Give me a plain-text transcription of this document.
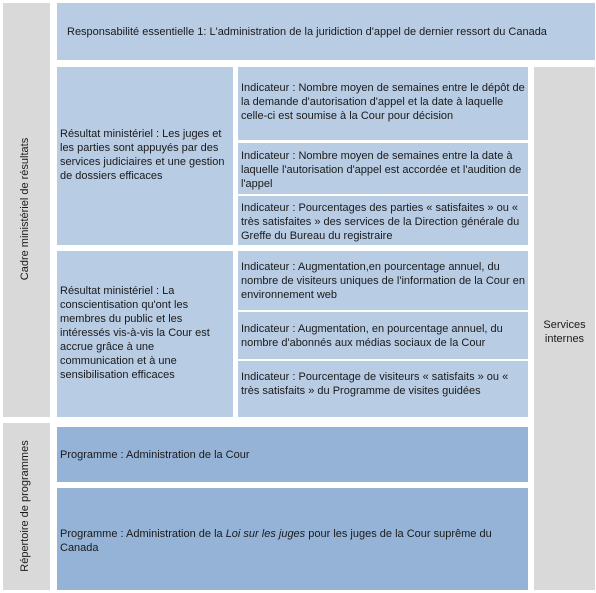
Cadre ministériel de résultats
Répertoire de programmes
Responsabilité essentielle 1: L'administration de la juridiction d'appel de dernier ressort du Canada
Résultat ministériel : Les juges et les parties sont appuyés par des services judiciaires et une gestion de dossiers efficaces
Indicateur : Nombre moyen de semaines entre le dépôt de la demande d'autorisation d'appel et la date à laquelle celle-ci est soumise à la Cour pour décision
Indicateur : Nombre moyen de semaines entre la date à laquelle l'autorisation d'appel est accordée et l'audition de l'appel
Indicateur : Pourcentages des parties « satisfaites » ou « très satisfaites » des services de la Direction générale du Greffe du Bureau du registraire
Résultat ministériel : La conscientisation qu'ont les membres du public et les intéressés vis-à-vis la Cour est accrue grâce à une communication et à une sensibilisation efficaces
Indicateur : Augmentation,en pourcentage annuel, du nombre de visiteurs uniques de l'information de la Cour en environnement web
Indicateur : Augmentation, en pourcentage annuel, du nombre d'abonnés aux médias sociaux de la Cour
Indicateur : Pourcentage de visiteurs « satisfaits » ou « très satisfaits » du Programme de visites guidées
Services internes
Programme : Administration de la Cour
Programme : Administration de la Loi sur les juges pour les juges de la Cour suprême du Canada
